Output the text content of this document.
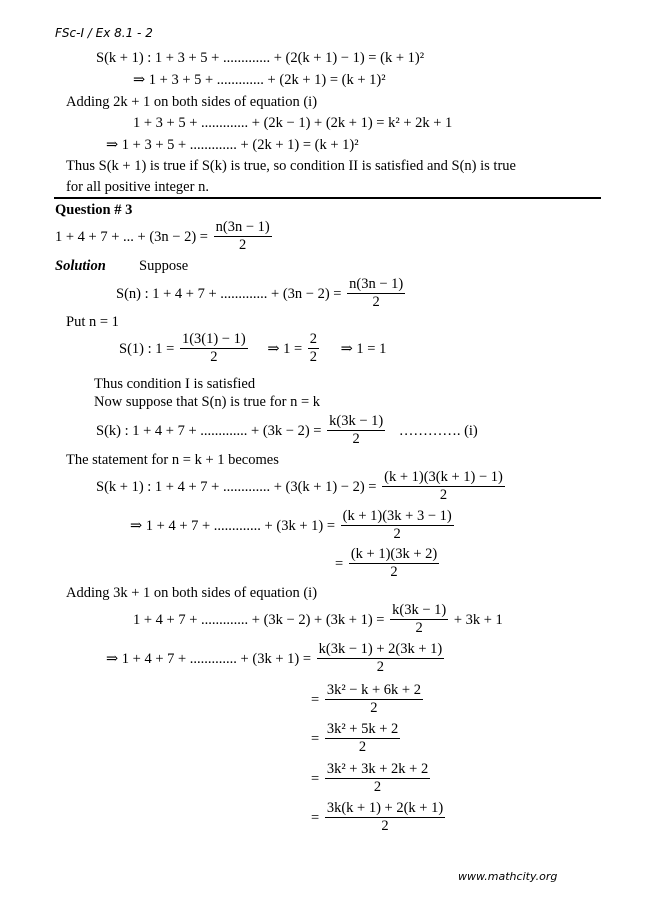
FSc-I / Ex 8.1 - 2
S(k + 1) : 1 + 3 + 5 + ............. + (2(k + 1) − 1) = (k + 1)²
⇒ 1 + 3 + 5 + ............. + (2k + 1) = (k + 1)²
Adding 2k + 1 on both sides of equation (i)
1 + 3 + 5 + ............. + (2k − 1) + (2k + 1) = k² + 2k + 1
⇒ 1 + 3 + 5 + ............. + (2k + 1) = (k + 1)²
Thus S(k + 1) is true if S(k) is true, so condition II is satisfied and S(n) is true
for all positive integer n.
Question # 3
1 + 4 + 7 + ... + $(3n - 2) = \frac{n(3n - 1)}{2}$
Solution Suppose
S(n) : 1 + 4 + 7 + ............. + $(3n - 2) = \frac{n(3n - 1)}{2}$
Put n = 1
S(1) : $1 = \frac{1(3(1) - 1)}{2}$ ⇒ $1 = \frac{2}{2}$ ⇒ 1 = 1
Thus condition I is satisfied
Now suppose that S(n) is true for n = k
S(k) : 1 + 4 + 7 + ............. + $(3k - 2) = \frac{k(3k - 1)}{2}$ …………. (i)
The statement for n = k + 1 becomes
S(k + 1) : 1 + 4 + 7 + ............. + $(3(k + 1) - 2) = \frac{(k + 1)(3(k + 1) - 1)}{2}$
⇒ 1 + 4 + 7 + ............. + $(3k + 1) = \frac{(k + 1)(3k + 3 - 1)}{2}$
= $\frac{(k + 1)(3k + 2)}{2}$
Adding 3k + 1 on both sides of equation (i)
1 + 4 + 7 + ............. + $(3k - 2) + (3k + 1) = \frac{k(3k - 1)}{2} + 3k + 1$
⇒ 1 + 4 + 7 + ............. + $(3k + 1) = \frac{k(3k - 1) + 2(3k + 1)}{2}$
= $\frac{\text{3k² − k + 6k + 2}}{2}$
= $\frac{\text{3k² + 5k + 2}}{2}$
= $\frac{\text{3k² + 3k + 2k + 2}}{2}$
= $\frac{3k(k + 1) + 2(k + 1)}{2}$
www.mathcity.org
